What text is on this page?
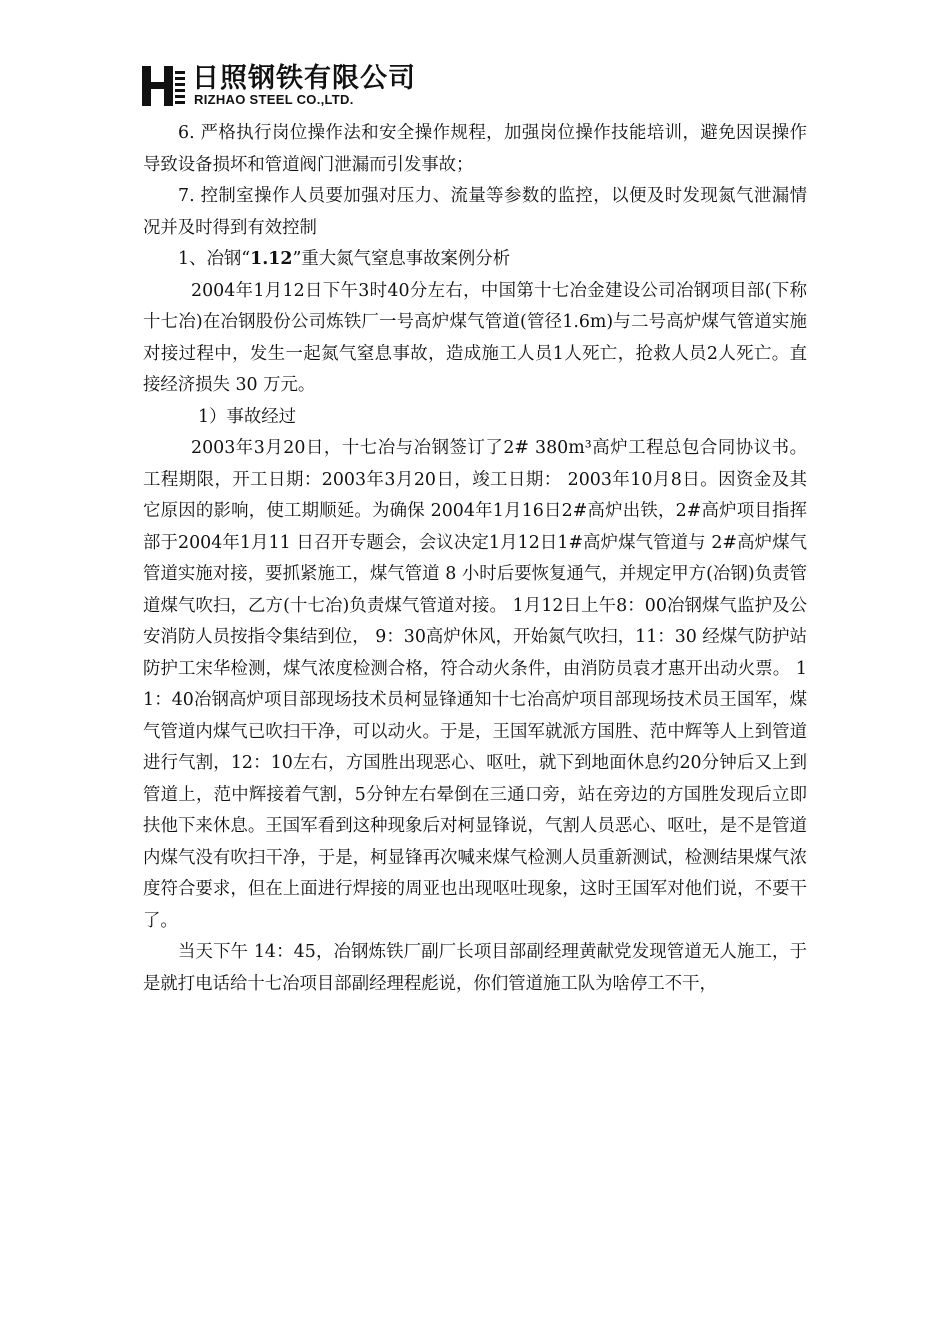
日照钢铁有限公司
RIZHAO STEEL CO.,LTD.

6. 严格执行岗位操作法和安全操作规程，加强岗位操作技能培训，避免因误操作导致设备损坏和管道阀门泄漏而引发事故；

7. 控制室操作人员要加强对压力、流量等参数的监控，以便及时发现氮气泄漏情况并及时得到有效控制

1、冶钢“1.12”重大氮气窒息事故案例分析

2004年1月12日下午3时40分左右，中国第十七冶金建设公司冶钢项目部(下称十七冶)在冶钢股份公司炼铁厂一号高炉煤气管道(管径1.6m)与二号高炉煤气管道实施对接过程中，发生一起氮气窒息事故，造成施工人员1人死亡，抢救人员2人死亡。直接经济损失 30 万元。

1）事故经过

2003年3月20日，十七冶与冶钢签订了2# 380m³高炉工程总包合同协议书。工程期限，开工日期：2003年3月20日，竣工日期： 2003年10月8日。因资金及其它原因的影响，使工期顺延。为确保 2004年1月16日2#高炉出铁，2#高炉项目指挥部于2004年1月11 日召开专题会，会议决定1月12日1#高炉煤气管道与 2#高炉煤气管道实施对接，要抓紧施工，煤气管道 8 小时后要恢复通气，并规定甲方(冶钢)负责管道煤气吹扫，乙方(十七冶)负责煤气管道对接。 1月12日上午8：00冶钢煤气监护及公安消防人员按指令集结到位， 9：30高炉休风，开始氮气吹扫，11：30 经煤气防护站防护工宋华检测，煤气浓度检测合格，符合动火条件，由消防员袁才惠开出动火票。 11：40冶钢高炉项目部现场技术员柯显锋通知十七冶高炉项目部现场技术员王国军，煤气管道内煤气已吹扫干净，可以动火。于是，王国军就派方国胜、范中辉等人上到管道进行气割，12：10左右，方国胜出现恶心、呕吐，就下到地面休息约20分钟后又上到管道上，范中辉接着气割，5分钟左右晕倒在三通口旁，站在旁边的方国胜发现后立即扶他下来休息。王国军看到这种现象后对柯显锋说，气割人员恶心、呕吐，是不是管道内煤气没有吹扫干净，于是，柯显锋再次喊来煤气检测人员重新测试，检测结果煤气浓度符合要求，但在上面进行焊接的周亚也出现呕吐现象，这时王国军对他们说，不要干了。

当天下午 14：45，冶钢炼铁厂副厂长项目部副经理黄献党发现管道无人施工，于是就打电话给十七冶项目部副经理程彪说，你们管道施工队为啥停工不干，
